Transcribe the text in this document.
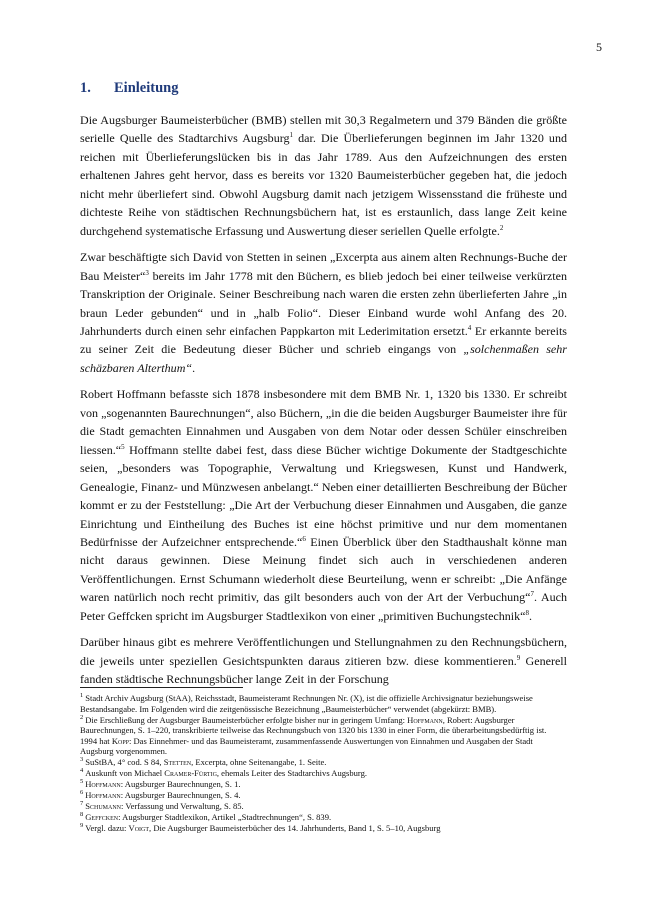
5
1. Einleitung

Die Augsburger Baumeisterbücher (BMB) stellen mit 30,3 Regalmetern und 379 Bänden die größte serielle Quelle des Stadtarchivs Augsburg$^1$ dar. Die Überlieferungen beginnen im Jahr 1320 und reichen mit Überlieferungslücken bis in das Jahr 1789. Aus den Aufzeichnungen des ersten erhaltenen Jahres geht hervor, dass es bereits vor 1320 Baumeisterbücher gegeben hat, die jedoch nicht mehr überliefert sind. Obwohl Augsburg damit nach jetzigem Wissensstand die früheste und dichteste Reihe von städtischen Rechnungsbüchern hat, ist es erstaunlich, dass lange Zeit keine durchgehend systematische Erfassung und Auswertung dieser seriellen Quelle erfolgte.$^2$

Zwar beschäftigte sich David von Stetten in seinen „Excerpta aus ainem alten Rechnungs-Buche der Bau Meister“$^3$ bereits im Jahr 1778 mit den Büchern, es blieb jedoch bei einer teilweise verkürzten Transkription der Originale. Seiner Beschreibung nach waren die ersten zehn überlieferten Jahre „in braun Leder gebunden“ und in „halb Folio“. Dieser Einband wurde wohl Anfang des 20. Jahrhunderts durch einen sehr einfachen Pappkarton mit Lederimitation ersetzt.$^4$ Er erkannte bereits zu seiner Zeit die Bedeutung dieser Bücher und schrieb eingangs von „solchenmaßen sehr schäzbaren Alterthum“.

Robert Hoffmann befasste sich 1878 insbesondere mit dem BMB Nr. 1, 1320 bis 1330. Er schreibt von „sogenannten Baurechnungen“, also Büchern, „in die die beiden Augsburger Baumeister ihre für die Stadt gemachten Einnahmen und Ausgaben von dem Notar oder dessen Schüler einschreiben liessen.“$^5$ Hoffmann stellte dabei fest, dass diese Bücher wichtige Dokumente der Stadtgeschichte seien, „besonders was Topographie, Verwaltung und Kriegswesen, Kunst und Handwerk, Genealogie, Finanz- und Münzwesen anbelangt.“ Neben einer detaillierten Beschreibung der Bücher kommt er zu der Feststellung: „Die Art der Verbuchung dieser Einnahmen und Ausgaben, die ganze Einrichtung und Eintheilung des Buches ist eine höchst primitive und nur dem momentanen Bedürfnisse der Aufzeichner entsprechende.“$^6$ Einen Überblick über den Stadthaushalt könne man nicht daraus gewinnen. Diese Meinung findet sich auch in verschiedenen anderen Veröffentlichungen. Ernst Schumann wiederholt diese Beurteilung, wenn er schreibt: „Die Anfänge waren natürlich noch recht primitiv, das gilt besonders auch von der Art der Verbuchung“$^7$. Auch Peter Geffcken spricht im Augsburger Stadtlexikon von einer „primitiven Buchungstechnik“$^8$.

Darüber hinaus gibt es mehrere Veröffentlichungen und Stellungnahmen zu den Rechnungsbüchern, die jeweils unter speziellen Gesichtspunkten daraus zitieren bzw. diese kommentieren.$^9$ Generell fanden städtische Rechnungsbücher lange Zeit in der Forschung

$^1$ Stadt Archiv Augsburg (StAA), Reichsstadt, Baumeisteramt Rechnungen Nr. (X), ist die offizielle Archivsignatur beziehungsweise Bestandsangabe. Im Folgenden wird die zeitgenössische Bezeichnung „Baumeisterbücher“ verwendet (abgekürzt: BMB).
$^2$ Die Erschließung der Augsburger Baumeisterbücher erfolgte bisher nur in geringem Umfang: Hoffmann, Robert: Augsburger Baurechnungen, S. 1–220, transkribierte teilweise das Rechnungsbuch von 1320 bis 1330 in einer Form, die überarbeitungsbedürftig ist. 1994 hat Kopp: Das Einnehmer- und das Baumeisteramt, zusammenfassende Auswertungen von Einnahmen und Ausgaben der Stadt Augsburg vorgenommen.
$^3$ SuStBA, 4° cod. S 84, Stetten, Excerpta, ohne Seitenangabe, 1. Seite.
$^4$ Auskunft von Michael Cramer-Fürtig, ehemals Leiter des Stadtarchivs Augsburg.
$^5$ Hoffmann: Augsburger Baurechnungen, S. 1.
$^6$ Hoffmann: Augsburger Baurechnungen, S. 4.
$^7$ Schumann: Verfassung und Verwaltung, S. 85.
$^8$ Geffcken: Augsburger Stadtlexikon, Artikel „Stadtrechnungen“, S. 839.
$^9$ Vergl. dazu: Voigt, Die Augsburger Baumeisterbücher des 14. Jahrhunderts, Band 1, S. 5–10, Augsburg
